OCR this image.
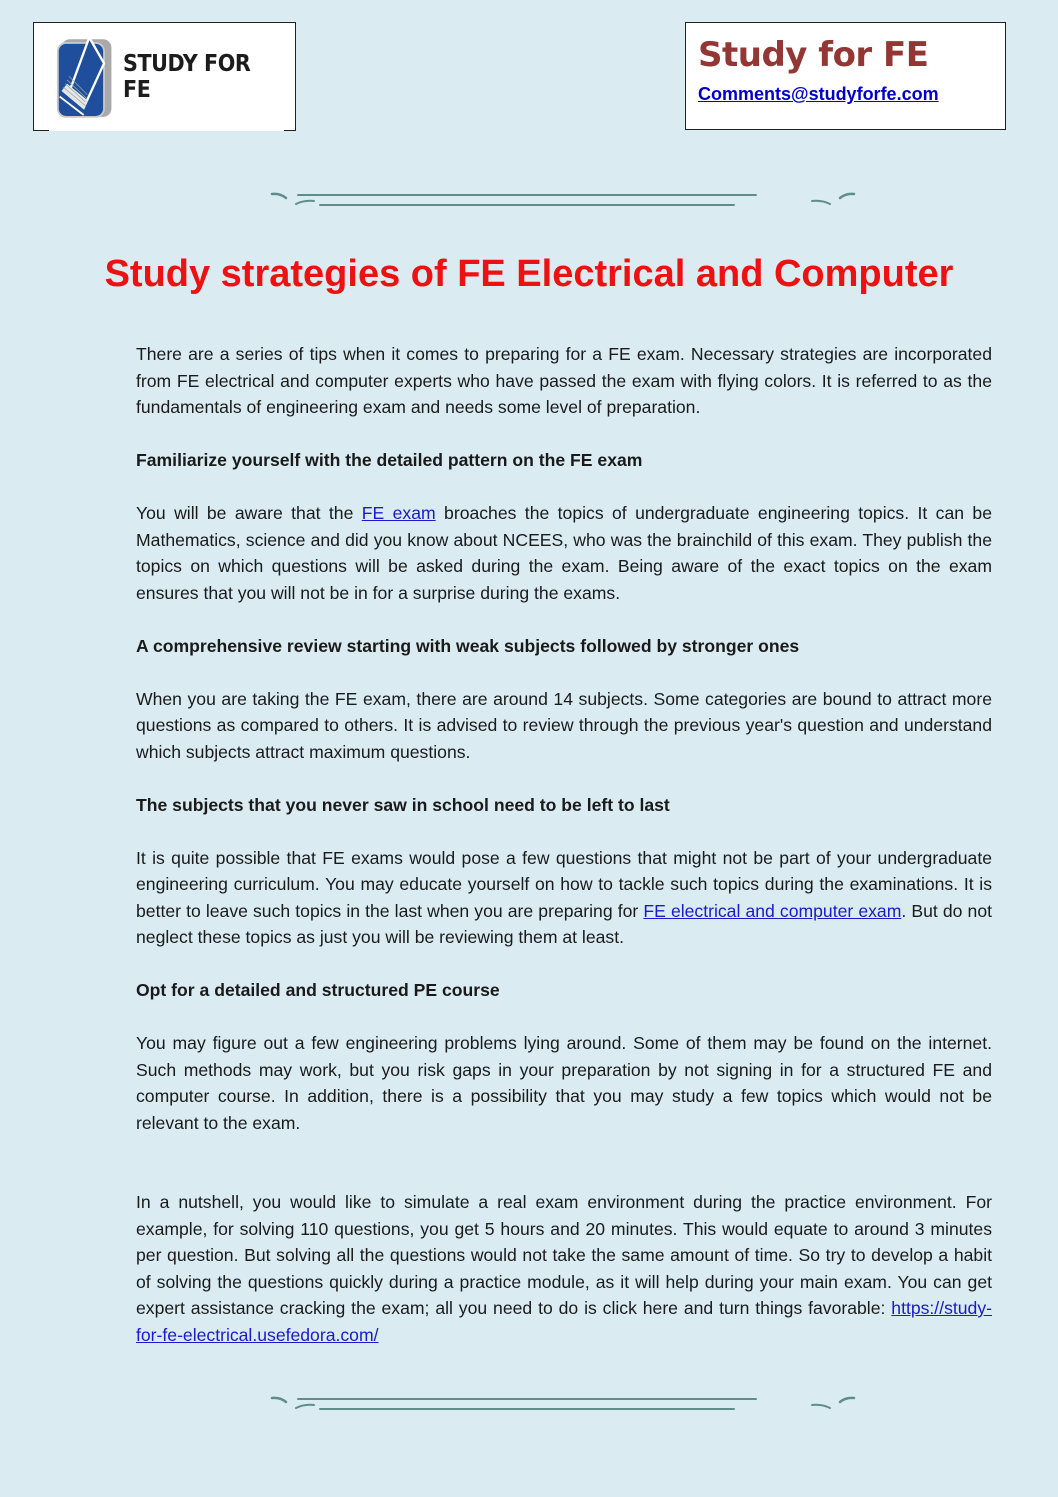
STUDY FOR FE
Study for FE
Comments@studyforfe.com
Study strategies of FE Electrical and Computer

There are a series of tips when it comes to preparing for a FE exam. Necessary strategies are incorporated from FE electrical and computer experts who have passed the exam with flying colors. It is referred to as the fundamentals of engineering exam and needs some level of preparation.

Familiarize yourself with the detailed pattern on the FE exam

You will be aware that the FE exam broaches the topics of undergraduate engineering topics. It can be Mathematics, science and did you know about NCEES, who was the brainchild of this exam. They publish the topics on which questions will be asked during the exam. Being aware of the exact topics on the exam ensures that you will not be in for a surprise during the exams.

A comprehensive review starting with weak subjects followed by stronger ones

When you are taking the FE exam, there are around 14 subjects. Some categories are bound to attract more questions as compared to others. It is advised to review through the previous year's question and understand which subjects attract maximum questions.

The subjects that you never saw in school need to be left to last

It is quite possible that FE exams would pose a few questions that might not be part of your undergraduate engineering curriculum. You may educate yourself on how to tackle such topics during the examinations. It is better to leave such topics in the last when you are preparing for FE electrical and computer exam. But do not neglect these topics as just you will be reviewing them at least.

Opt for a detailed and structured PE course

You may figure out a few engineering problems lying around. Some of them may be found on the internet. Such methods may work, but you risk gaps in your preparation by not signing in for a structured FE and computer course. In addition, there is a possibility that you may study a few topics which would not be relevant to the exam.

In a nutshell, you would like to simulate a real exam environment during the practice environment. For example, for solving 110 questions, you get 5 hours and 20 minutes. This would equate to around 3 minutes per question. But solving all the questions would not take the same amount of time. So try to develop a habit of solving the questions quickly during a practice module, as it will help during your main exam. You can get expert assistance cracking the exam; all you need to do is click here and turn things favorable: https://study-for-fe-electrical.usefedora.com/
